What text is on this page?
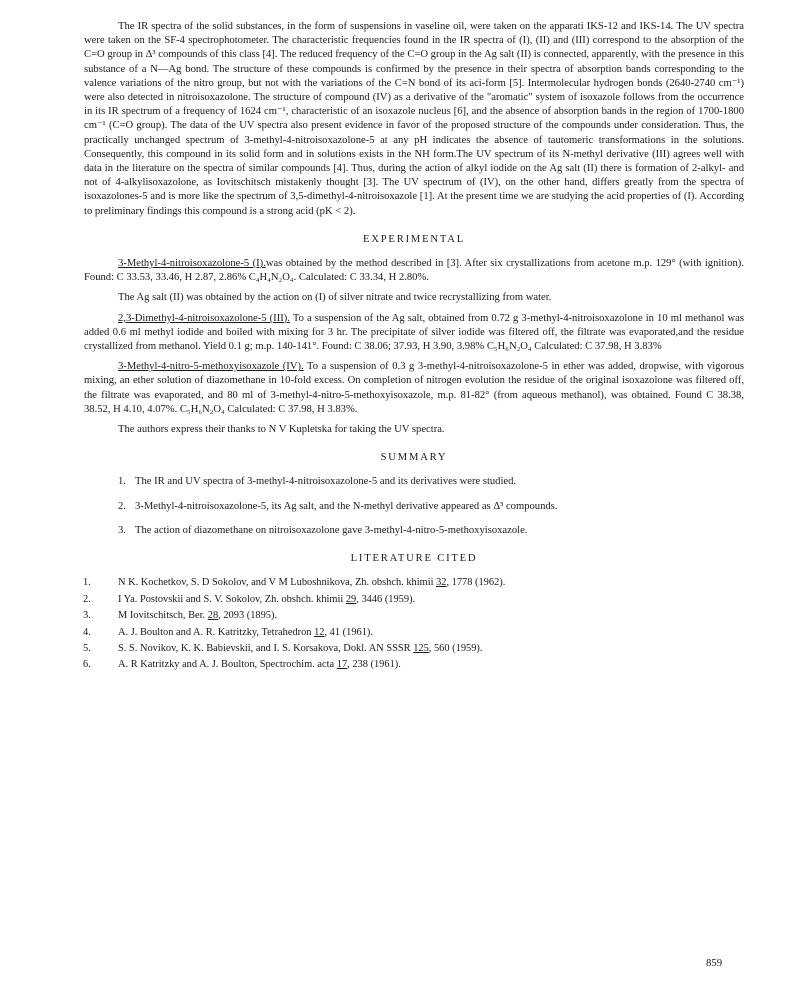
The IR spectra of the solid substances, in the form of suspensions in vaseline oil, were taken on the apparati IKS-12 and IKS-14. The UV spectra were taken on the SF-4 spectrophotometer. The characteristic frequencies found in the IR spectra of (I), (II) and (III) correspond to the absorption of the C=O group in Δ³ compounds of this class [4]. The reduced frequency of the C=O group in the Ag salt (II) is connected, apparently, with the presence in this substance of a N—Ag bond. The structure of these compounds is confirmed by the presence in their spectra of absorption bands corresponding to the valence variations of the nitro group, but not with the variations of the C=N bond of its aci-form [5]. Intermolecular hydrogen bonds (2640-2740 cm⁻¹) were also detected in nitroisoxazolone. The structure of compound (IV) as a derivative of the "aromatic" system of isoxazole follows from the occurrence in its IR spectrum of a frequency of 1624 cm⁻¹, characteristic of an isoxazole nucleus [6], and the absence of absorption bands in the region of 1700-1800 cm⁻¹ (C=O group). The data of the UV spectra also present evidence in favor of the proposed structure of the compounds under consideration. Thus, the practically unchanged spectrum of 3-methyl-4-nitroisoxazolone-5 at any pH indicates the absence of tautomeric transformations in the solutions. Consequently, this compound in its solid form and in solutions exists in the NH form.The UV spectrum of its N-methyl derivative (III) agrees well with data in the literature on the spectra of similar compounds [4]. Thus, during the action of alkyl iodide on the Ag salt (II) there is formation of 2-alkyl- and not of 4-alkylisoxazolone, as Iovitschitsch mistakenly thought [3]. The UV spectrum of (IV), on the other hand, differs greatly from the spectra of isoxazolones-5 and is more like the spectrum of 3,5-dimethyl-4-nitroisoxazole [1]. At the present time we are studying the acid properties of (I). According to preliminary findings this compound is a strong acid (pK < 2).

EXPERIMENTAL

3-Methyl-4-nitroisoxazolone-5 (I).was obtained by the method described in [3]. After six crystallizations from acetone m.p. 129° (with ignition). Found: C 33.53, 33.46, H 2.87, 2.86% C₄H₄N₂O₄. Calculated: C 33.34, H 2.80%.

The Ag salt (II) was obtained by the action on (I) of silver nitrate and twice recrystallizing from water.

2,3-Dimethyl-4-nitroisoxazolone-5 (III). To a suspension of the Ag salt, obtained from 0.72 g 3-methyl-4-nitroisoxazolone in 10 ml methanol was added 0.6 ml methyl iodide and boiled with mixing for 3 hr. The precipitate of silver iodide was filtered off, the filtrate was evaporated,and the residue crystallized from methanol. Yield 0.1 g; m.p. 140-141°. Found: C 38.06; 37.93, H 3.90, 3.98% C₅H₆N₂O₄ Calculated: C 37.98, H 3.83%

3-Methyl-4-nitro-5-methoxyisoxazole (IV). To a suspension of 0.3 g 3-methyl-4-nitroisoxazolone-5 in ether was added, dropwise, with vigorous mixing, an ether solution of diazomethane in 10-fold excess. On completion of nitrogen evolution the residue of the original isoxazolone was filtered off, the filtrate was evaporated, and 80 ml of 3-methyl-4-nitro-5-methoxyisoxazole, m.p. 81-82° (from aqueous methanol), was obtained. Found C 38.38, 38.52, H 4.10, 4.07%. C₅H₆N₂O₄ Calculated: C 37.98, H 3.83%.

The authors express their thanks to N V Kupletska for taking the UV spectra.

SUMMARY
1. The IR and UV spectra of 3-methyl-4-nitroisoxazolone-5 and its derivatives were studied.
2. 3-Methyl-4-nitroisoxazolone-5, its Ag salt, and the N-methyl derivative appeared as Δ³ compounds.
3. The action of diazomethane on nitroisoxazolone gave 3-methyl-4-nitro-5-methoxyisoxazole.
LITERATURE CITED
1.	N K. Kochetkov, S. D Sokolov, and V M Luboshnikova, Zh. obshch. khimii 32, 1778 (1962).
2.	I Ya. Postovskii and S. V. Sokolov, Zh. obshch. khimii 29, 3446 (1959).
3.	M Iovitschitsch, Ber. 28, 2093 (1895).
4.	A. J. Boulton and A. R. Katritzky, Tetrahedron 12, 41 (1961).
5.	S. S. Novikov, K. K. Babievskii, and I. S. Korsakova, Dokl. AN SSSR 125, 560 (1959).
6.	A. R Katritzky and A. J. Boulton, Spectrochim. acta 17, 238 (1961).
859
